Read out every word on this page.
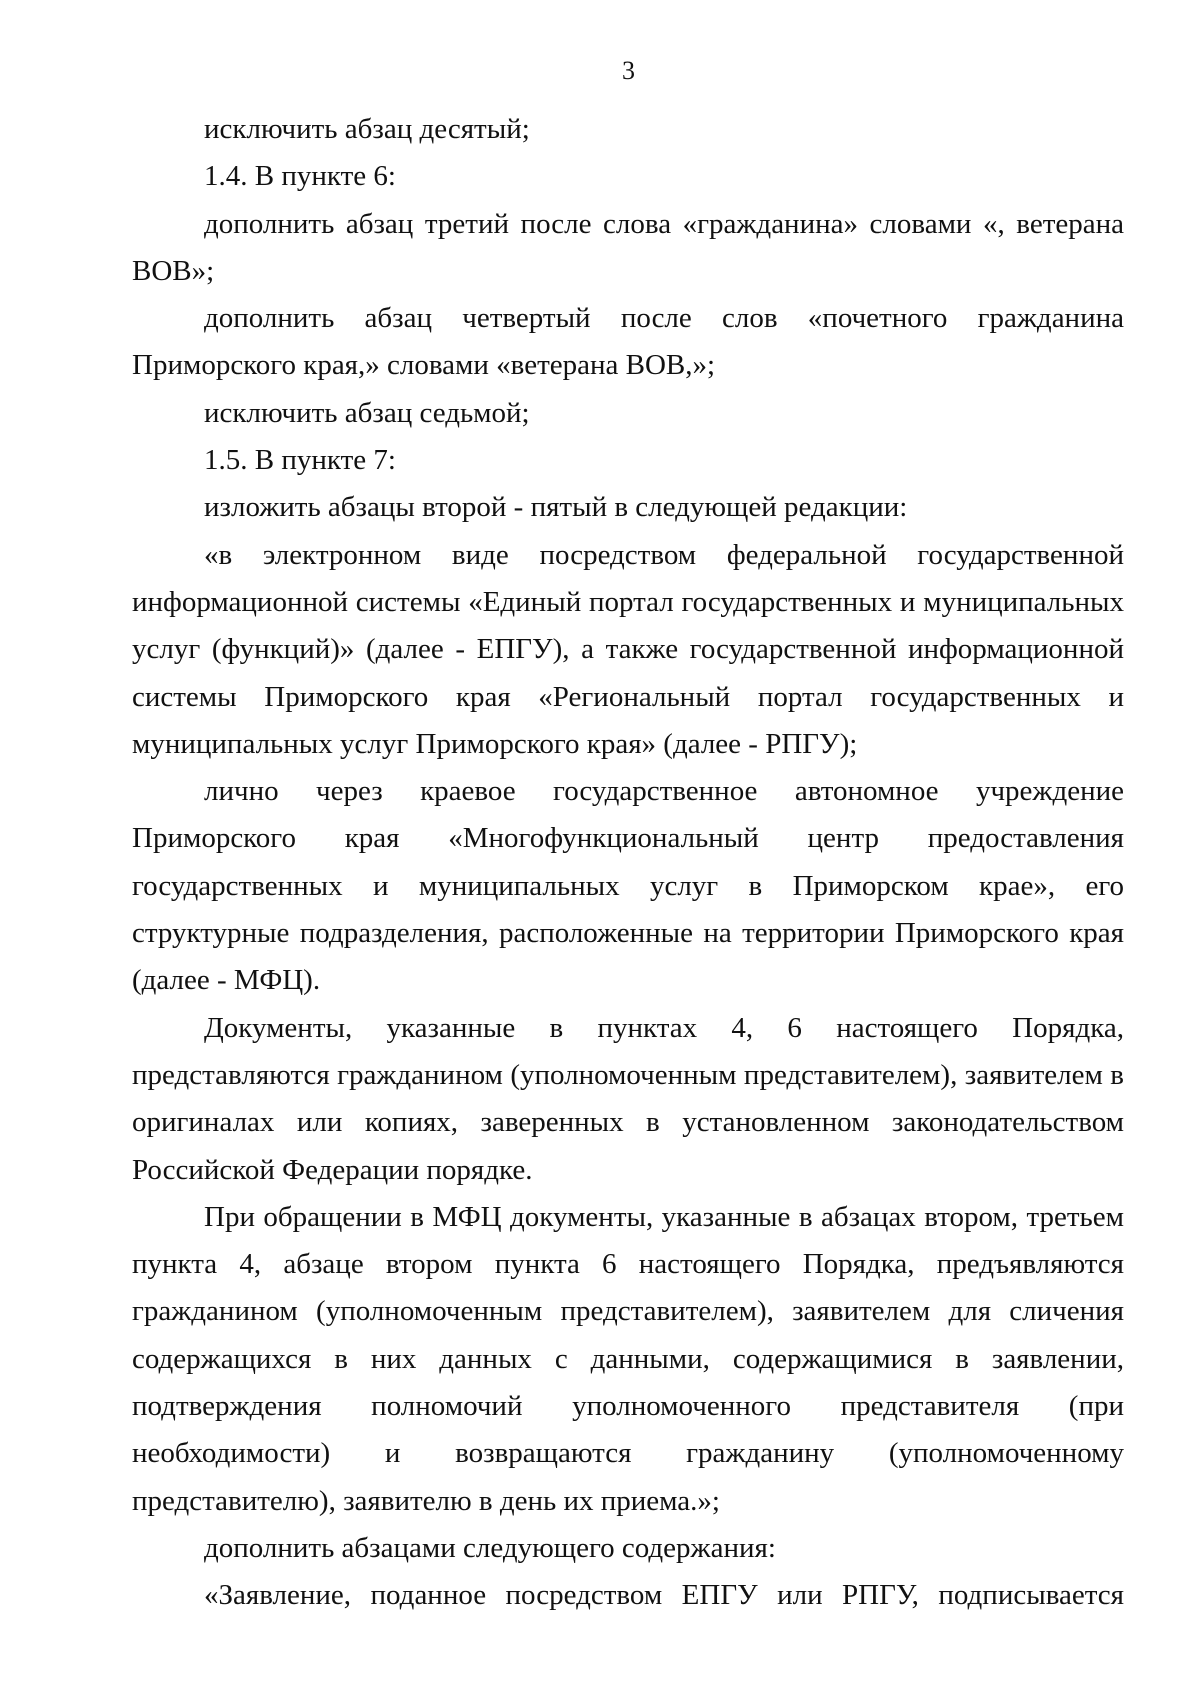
3

исключить абзац десятый;

1.4. В пункте 6:

дополнить абзац третий после слова «гражданина» словами «, ветерана ВОВ»;

дополнить абзац четвертый после слов «почетного гражданина Приморского края,» словами «ветерана ВОВ,»;

исключить абзац седьмой;

1.5. В пункте 7:

изложить абзацы второй - пятый в следующей редакции:

«в электронном виде посредством федеральной государственной информационной системы «Единый портал государственных и муниципальных услуг (функций)» (далее - ЕПГУ), а также государственной информационной системы Приморского края «Региональный портал государственных и муниципальных услуг Приморского края» (далее - РПГУ);

лично через краевое государственное автономное учреждение Приморского края «Многофункциональный центр предоставления государственных и муниципальных услуг в Приморском крае», его структурные подразделения, расположенные на территории Приморского края (далее - МФЦ).

Документы, указанные в пунктах 4, 6 настоящего Порядка, представляются гражданином (уполномоченным представителем), заявителем в оригиналах или копиях, заверенных в установленном законодательством Российской Федерации порядке.

При обращении в МФЦ документы, указанные в абзацах втором, третьем пункта 4, абзаце втором пункта 6 настоящего Порядка, предъявляются гражданином (уполномоченным представителем), заявителем для сличения содержащихся в них данных с данными, содержащимися в заявлении, подтверждения полномочий уполномоченного представителя (при необходимости) и возвращаются гражданину (уполномоченному представителю), заявителю в день их приема.»;

дополнить абзацами следующего содержания:

«Заявление, поданное посредством ЕПГУ или РПГУ, подписывается
